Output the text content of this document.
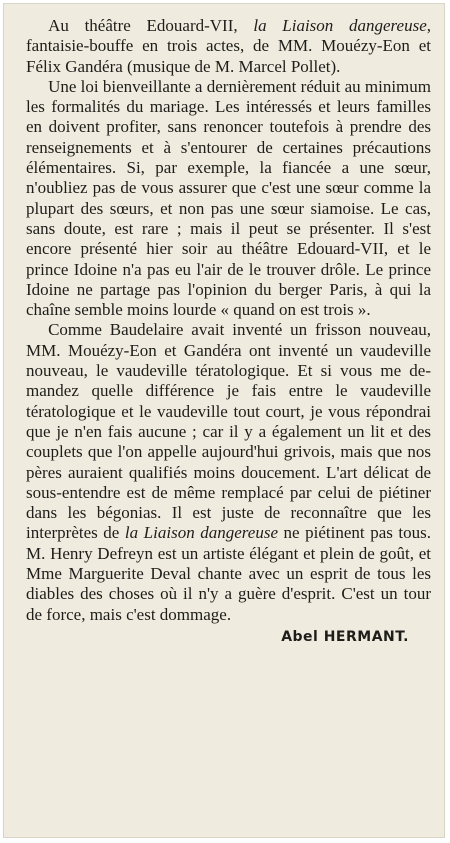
Au théâtre Edouard-VII, la Liaison dangereuse, fantaisie-bouffe en trois actes, de MM. Mouézy-Eon et Félix Gandéra (musique de M. Marcel Pollet).

Une loi bienveillante a dernièrement réduit au minimum les formalités du mariage. Les intéressés et leurs familles en doivent profiter, sans renoncer toutefois à prendre des renseignements et à s'entourer de certaines précautions élémentaires. Si, par exemple, la fiancée a une sœur, n'oubliez pas de vous assurer que c'est une sœur comme la plupart des sœurs, et non pas une sœur siamoise. Le cas, sans doute, est rare ; mais il peut se présenter. Il s'est encore présenté hier soir au théâtre Edouard-VII, et le prince Idoine n'a pas eu l'air de le trouver drôle. Le prince Idoine ne partage pas l'opinion du berger Paris, à qui la chaîne semble moins lourde « quand on est trois ».

Comme Baudelaire avait inventé un frisson nouveau, MM. Mouézy-Eon et Gandéra ont inventé un vaudeville nouveau, le vaudeville tératologique. Et si vous me demandez quelle différence je fais entre le vaudeville tératologique et le vaudeville tout court, je vous répondrai que je n'en fais aucune ; car il y a également un lit et des couplets que l'on appelle aujourd'hui grivois, mais que nos pères auraient qualifiés moins doucement. L'art délicat de sous-entendre est de même remplacé par celui de piétiner dans les bégonias. Il est juste de reconnaître que les interprètes de la Liaison dangereuse ne piétinent pas tous. M. Henry Defreyn est un artiste élégant et plein de goût, et Mme Marguerite Deval chante avec un esprit de tous les diables des choses où il n'y a guère d'esprit. C'est un tour de force, mais c'est dommage.

Abel HERMANT.
